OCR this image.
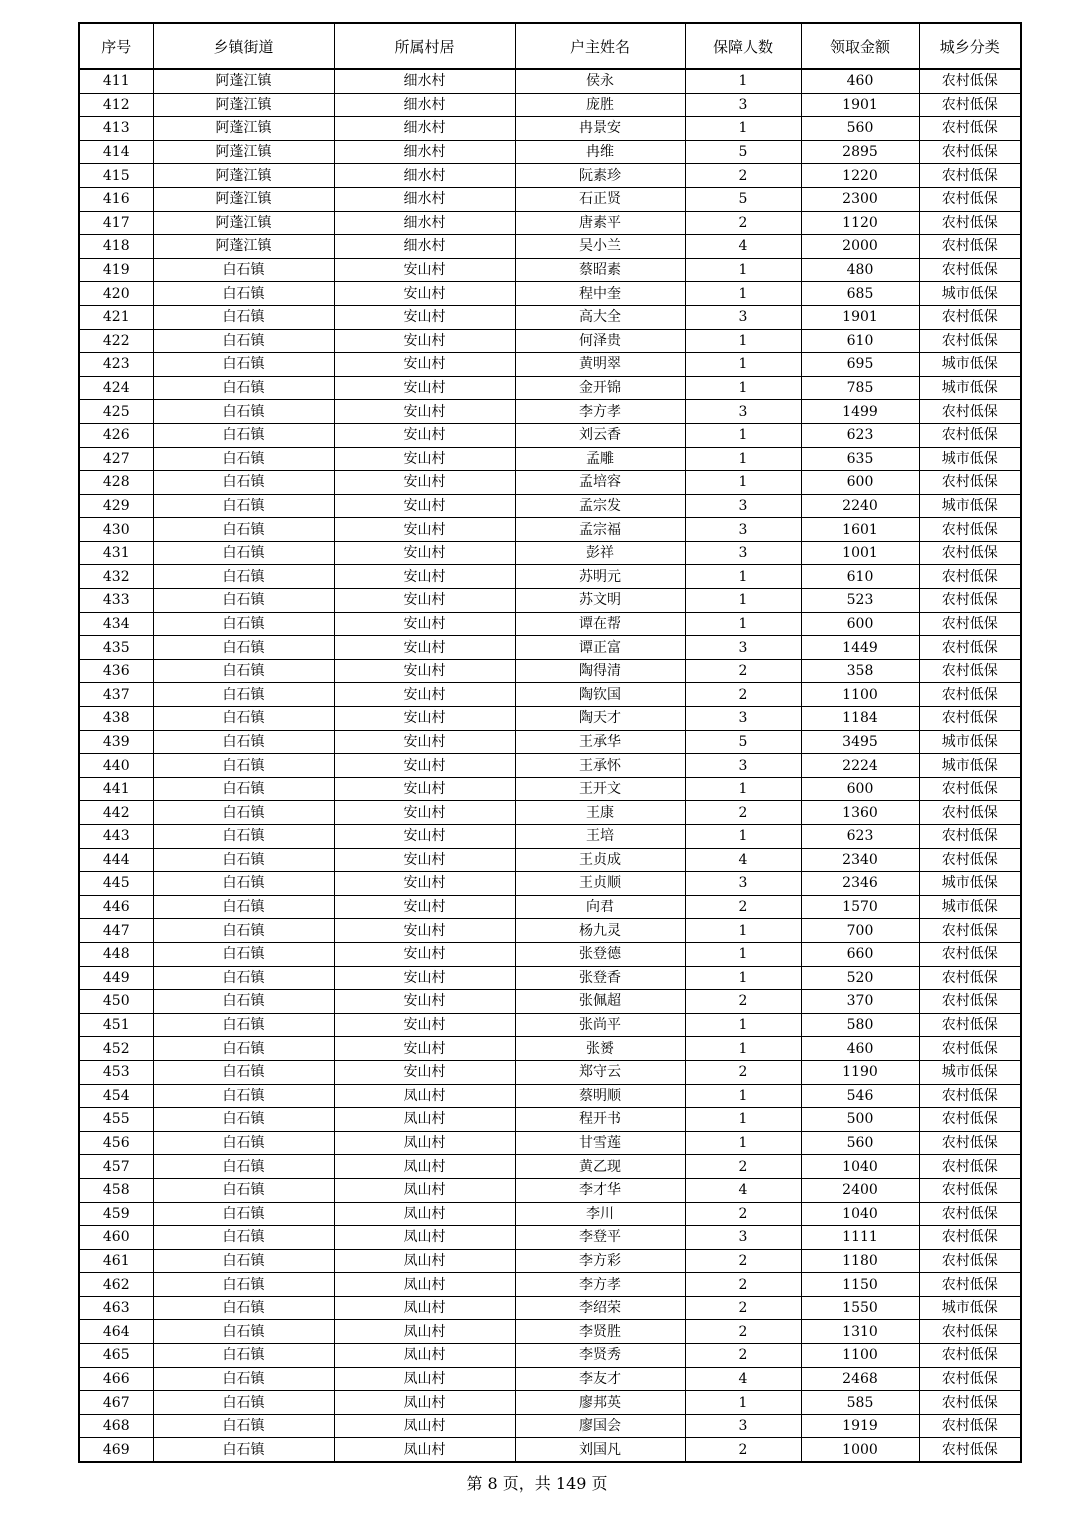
序号	乡镇街道	所属村居	户主姓名	保障人数	领取金额	城乡分类
411	阿蓬江镇	细水村	侯永	1	460	农村低保
412	阿蓬江镇	细水村	庞胜	3	1901	农村低保
413	阿蓬江镇	细水村	冉景安	1	560	农村低保
414	阿蓬江镇	细水村	冉维	5	2895	农村低保
415	阿蓬江镇	细水村	阮素珍	2	1220	农村低保
416	阿蓬江镇	细水村	石正贤	5	2300	农村低保
417	阿蓬江镇	细水村	唐素平	2	1120	农村低保
418	阿蓬江镇	细水村	吴小兰	4	2000	农村低保
419	白石镇	安山村	蔡昭素	1	480	农村低保
420	白石镇	安山村	程中奎	1	685	城市低保
421	白石镇	安山村	高大全	3	1901	农村低保
422	白石镇	安山村	何泽贵	1	610	农村低保
423	白石镇	安山村	黄明翠	1	695	城市低保
424	白石镇	安山村	金开锦	1	785	城市低保
425	白石镇	安山村	李方孝	3	1499	农村低保
426	白石镇	安山村	刘云香	1	623	农村低保
427	白石镇	安山村	孟雕	1	635	城市低保
428	白石镇	安山村	孟培容	1	600	农村低保
429	白石镇	安山村	孟宗发	3	2240	城市低保
430	白石镇	安山村	孟宗福	3	1601	农村低保
431	白石镇	安山村	彭祥	3	1001	农村低保
432	白石镇	安山村	苏明元	1	610	农村低保
433	白石镇	安山村	苏文明	1	523	农村低保
434	白石镇	安山村	谭在帮	1	600	农村低保
435	白石镇	安山村	谭正富	3	1449	农村低保
436	白石镇	安山村	陶得清	2	358	农村低保
437	白石镇	安山村	陶钦国	2	1100	农村低保
438	白石镇	安山村	陶天才	3	1184	农村低保
439	白石镇	安山村	王承华	5	3495	城市低保
440	白石镇	安山村	王承怀	3	2224	城市低保
441	白石镇	安山村	王开文	1	600	农村低保
442	白石镇	安山村	王康	2	1360	农村低保
443	白石镇	安山村	王培	1	623	农村低保
444	白石镇	安山村	王贞成	4	2340	农村低保
445	白石镇	安山村	王贞顺	3	2346	城市低保
446	白石镇	安山村	向君	2	1570	城市低保
447	白石镇	安山村	杨九灵	1	700	农村低保
448	白石镇	安山村	张登德	1	660	农村低保
449	白石镇	安山村	张登香	1	520	农村低保
450	白石镇	安山村	张佩超	2	370	农村低保
451	白石镇	安山村	张尚平	1	580	农村低保
452	白石镇	安山村	张赟	1	460	农村低保
453	白石镇	安山村	郑守云	2	1190	城市低保
454	白石镇	凤山村	蔡明顺	1	546	农村低保
455	白石镇	凤山村	程开书	1	500	农村低保
456	白石镇	凤山村	甘雪莲	1	560	农村低保
457	白石镇	凤山村	黄乙现	2	1040	农村低保
458	白石镇	凤山村	李才华	4	2400	农村低保
459	白石镇	凤山村	李川	2	1040	农村低保
460	白石镇	凤山村	李登平	3	1111	农村低保
461	白石镇	凤山村	李方彩	2	1180	农村低保
462	白石镇	凤山村	李方孝	2	1150	农村低保
463	白石镇	凤山村	李绍荣	2	1550	城市低保
464	白石镇	凤山村	李贤胜	2	1310	农村低保
465	白石镇	凤山村	李贤秀	2	1100	农村低保
466	白石镇	凤山村	李友才	4	2468	农村低保
467	白石镇	凤山村	廖邦英	1	585	农村低保
468	白石镇	凤山村	廖国会	3	1919	农村低保
469	白石镇	凤山村	刘国凡	2	1000	农村低保
第 8 页，共 149 页
